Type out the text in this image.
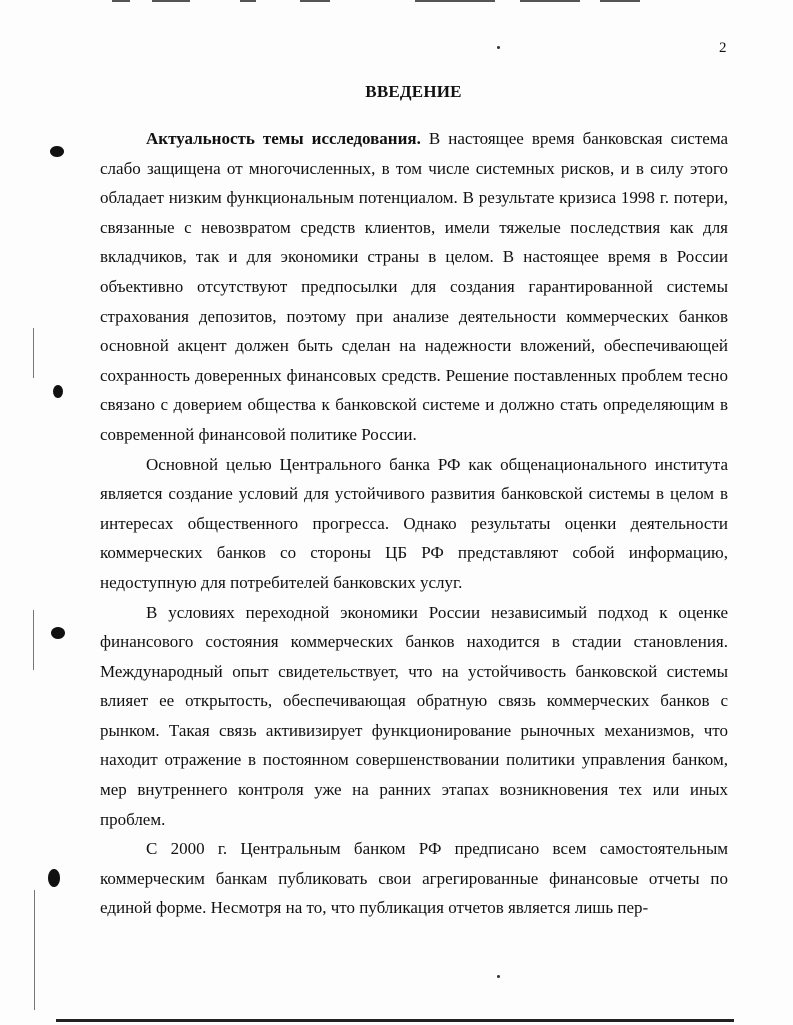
2
ВВЕДЕНИЕ

Актуальность темы исследования. В настоящее время банковская система слабо защищена от многочисленных, в том числе системных рисков, и в силу этого обладает низким функциональным потенциалом. В результате кризиса 1998 г. потери, связанные с невозвратом средств клиентов, имели тяжелые последствия как для вкладчиков, так и для экономики страны в целом. В настоящее время в России объективно отсутствуют предпосылки для создания гарантированной системы страхования депозитов, поэтому при анализе деятельности коммерческих банков основной акцент должен быть сделан на надежности вложений, обеспечивающей сохранность доверенных финансовых средств. Решение поставленных проблем тесно связано с доверием общества к банковской системе и должно стать определяющим в современной финансовой политике России.

Основной целью Центрального банка РФ как общенационального института является создание условий для устойчивого развития банковской системы в целом в интересах общественного прогресса. Однако результаты оценки деятельности коммерческих банков со стороны ЦБ РФ представляют собой информацию, недоступную для потребителей банковских услуг.

В условиях переходной экономики России независимый подход к оценке финансового состояния коммерческих банков находится в стадии становления. Международный опыт свидетельствует, что на устойчивость банковской системы влияет ее открытость, обеспечивающая обратную связь коммерческих банков с рынком. Такая связь активизирует функционирование рыночных механизмов, что находит отражение в постоянном совершенствовании политики управления банком, мер внутреннего контроля уже на ранних этапах возникновения тех или иных проблем.

С 2000 г. Центральным банком РФ предписано всем самостоятельным коммерческим банкам публиковать свои агрегированные финансовые отчеты по единой форме. Несмотря на то, что публикация отчетов является лишь пер-
